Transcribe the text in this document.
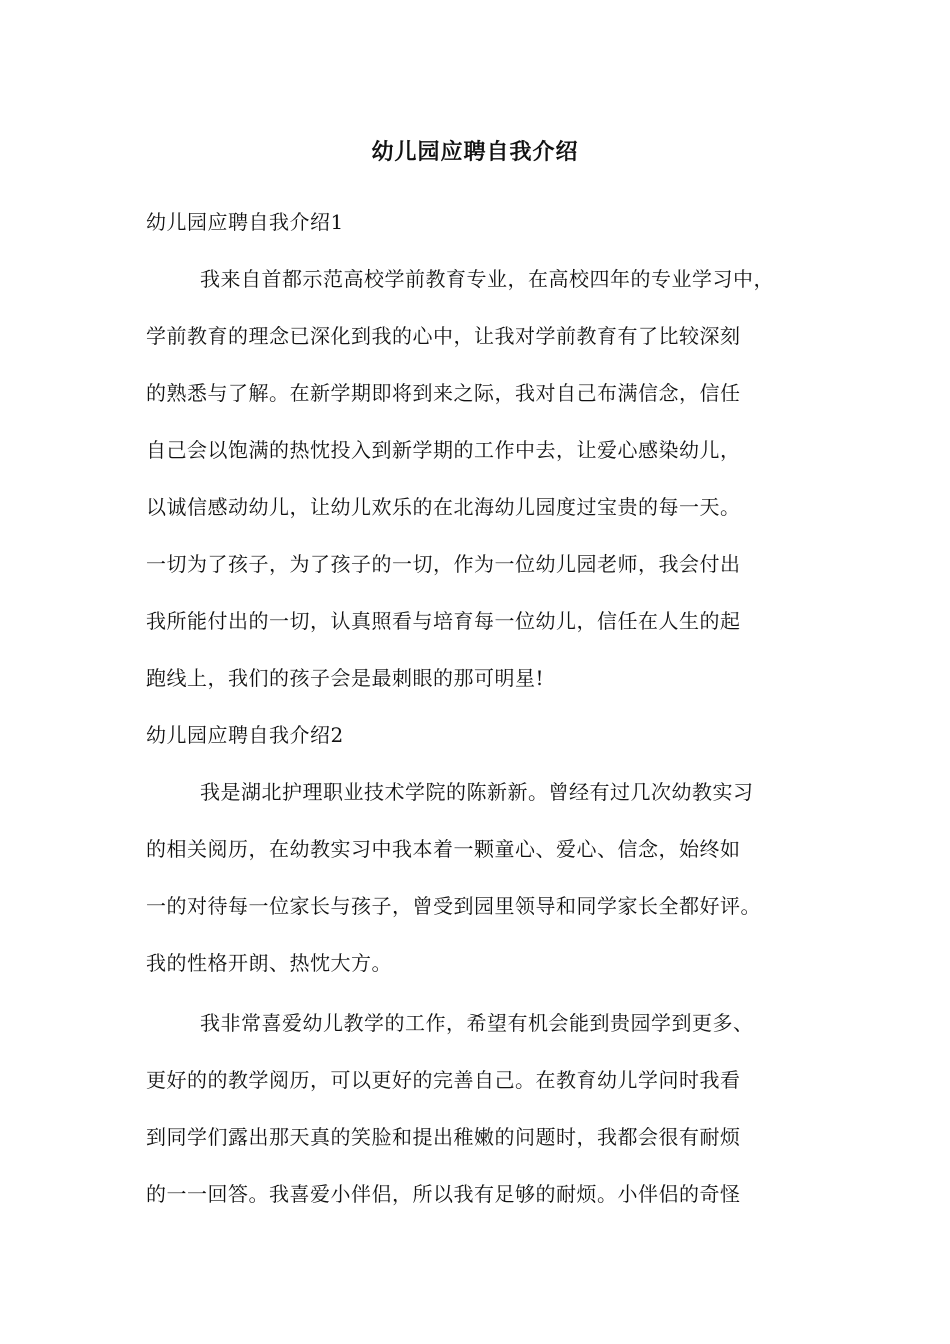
幼儿园应聘自我介绍
幼儿园应聘自我介绍1
我来自首都示范高校学前教育专业，在高校四年的专业学习中，
学前教育的理念已深化到我的心中，让我对学前教育有了比较深刻
的熟悉与了解。在新学期即将到来之际，我对自己布满信念，信任
自己会以饱满的热忱投入到新学期的工作中去，让爱心感染幼儿，
以诚信感动幼儿，让幼儿欢乐的在北海幼儿园度过宝贵的每一天。
一切为了孩子，为了孩子的一切，作为一位幼儿园老师，我会付出
我所能付出的一切，认真照看与培育每一位幼儿，信任在人生的起
跑线上，我们的孩子会是最刺眼的那可明星!
幼儿园应聘自我介绍2
我是湖北护理职业技术学院的陈新新。曾经有过几次幼教实习
的相关阅历，在幼教实习中我本着一颗童心、爱心、信念，始终如
一的对待每一位家长与孩子，曾受到园里领导和同学家长全都好评。
我的性格开朗、热忱大方。
我非常喜爱幼儿教学的工作，希望有机会能到贵园学到更多、
更好的的教学阅历，可以更好的完善自己。在教育幼儿学问时我看
到同学们露出那天真的笑脸和提出稚嫩的问题时，我都会很有耐烦
的一一回答。我喜爱小伴侣，所以我有足够的耐烦。小伴侣的奇怪
